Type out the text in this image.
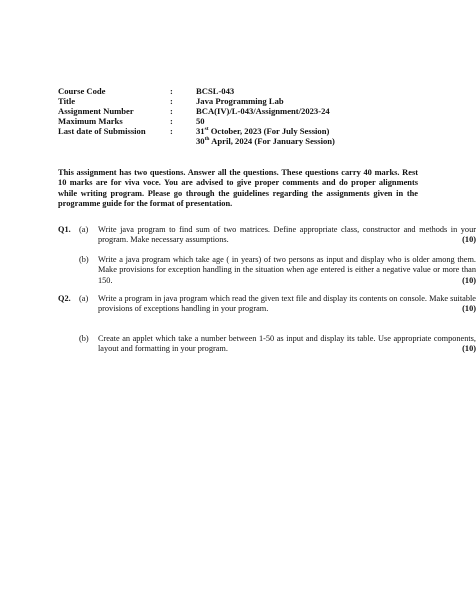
Course Code	:	BCSL-043
Title	:	Java Programming Lab
Assignment Number	:	BCA(IV)/L-043/Assignment/2023-24
Maximum Marks	:	50
Last date of Submission	:	31st October, 2023 (For July Session)
30th April, 2024 (For January Session)
This assignment has two questions. Answer all the questions. These questions carry 40 marks. Rest 10 marks are for viva voce. You are advised to give proper comments and do proper alignments while writing program. Please go through the guidelines regarding the assignments given in the programme guide for the format of presentation.
Q1. (a) Write java program to find sum of two matrices. Define appropriate class, constructor and methods in your program. Make necessary assumptions.	(10)
(b) Write a java program which take age ( in years) of two persons as input and display who is older among them. Make provisions for exception handling in the situation when age entered is either a negative value or more than 150.	(10)
Q2. (a) Write a program in java program which read the given text file and display its contents on console. Make suitable provisions of exceptions handling in your program.	(10)
(b) Create an applet which take a number between 1-50 as input and display its table. Use appropriate components, layout and formatting in your program.	(10)
